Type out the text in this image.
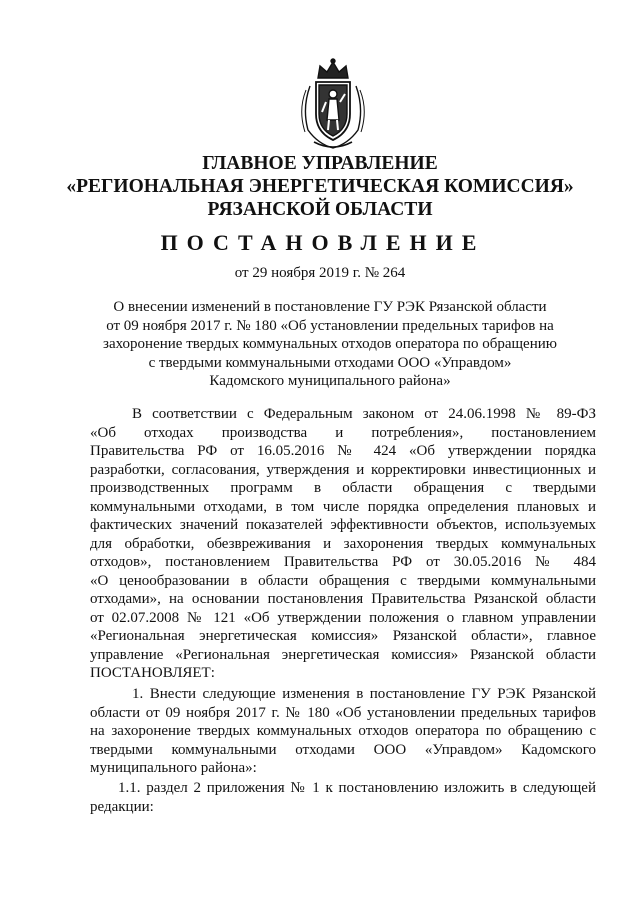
ГЛАВНОЕ УПРАВЛЕНИЕ
«РЕГИОНАЛЬНАЯ ЭНЕРГЕТИЧЕСКАЯ КОМИССИЯ»
РЯЗАНСКОЙ ОБЛАСТИ
ПОСТАНОВЛЕНИЕ
от 29 ноября 2019 г. № 264
О внесении изменений в постановление ГУ РЭК Рязанской области
от 09 ноября 2017 г. № 180 «Об установлении предельных тарифов на
захоронение твердых коммунальных отходов оператора по обращению
с твердыми коммунальными отходами ООО «Управдом»
Кадомского муниципального района»
В соответствии с Федеральным законом от 24.06.1998 № 89-ФЗ
«Об отходах производства и потребления», постановлением
Правительства РФ от 16.05.2016 № 424 «Об утверждении порядка
разработки, согласования, утверждения и корректировки инвестиционных и
производственных программ в области обращения с твердыми
коммунальными отходами, в том числе порядка определения плановых и
фактических значений показателей эффективности объектов, используемых
для обработки, обезвреживания и захоронения твердых коммунальных
отходов», постановлением Правительства РФ от 30.05.2016 № 484
«О ценообразовании в области обращения с твердыми коммунальными
отходами», на основании постановления Правительства Рязанской области
от 02.07.2008 № 121 «Об утверждении положения о главном управлении
«Региональная энергетическая комиссия» Рязанской области», главное
управление «Региональная энергетическая комиссия» Рязанской области
ПОСТАНОВЛЯЕТ:
1. Внести следующие изменения в постановление ГУ РЭК Рязанской
области от 09 ноября 2017 г. № 180 «Об установлении предельных тарифов
на захоронение твердых коммунальных отходов оператора по обращению с
твердыми коммунальными отходами ООО «Управдом» Кадомского
муниципального района»:
1.1. раздел 2 приложения № 1 к постановлению изложить в следующей
редакции:
